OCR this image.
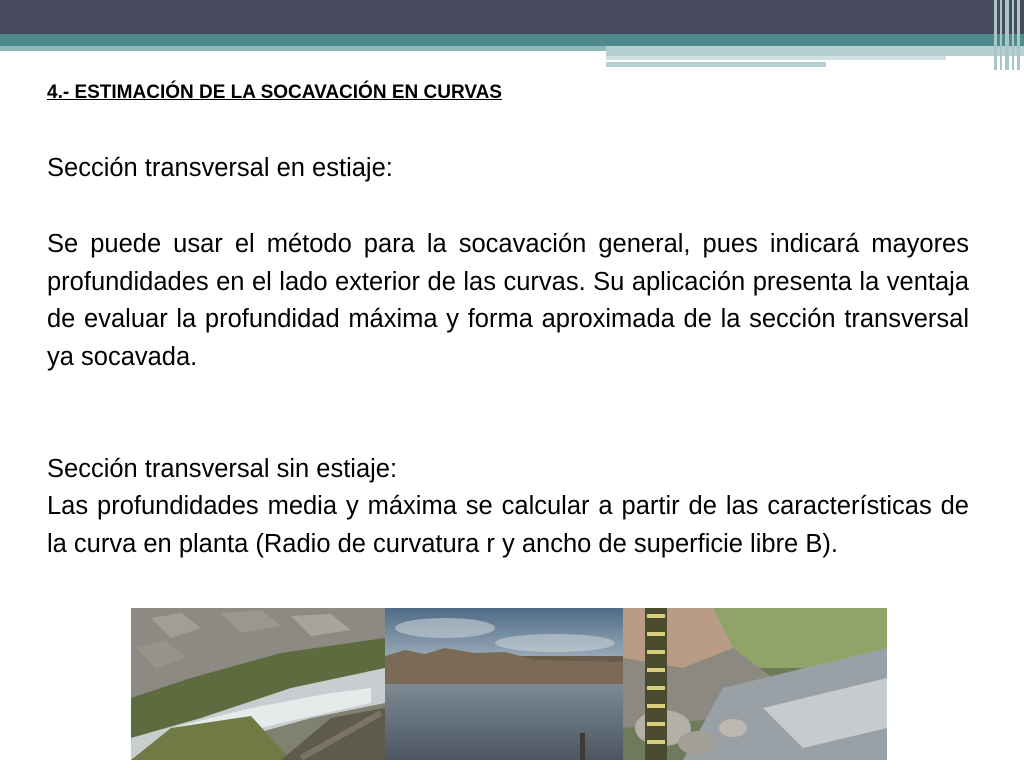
4.- ESTIMACIÓN DE LA SOCAVACIÓN EN CURVAS

Sección transversal en estiaje:

Se puede usar el método para la socavación general, pues indicará mayores profundidades en el lado exterior de las curvas. Su aplicación presenta la ventaja de evaluar la profundidad máxima y forma aproximada de la sección transversal ya socavada.

Sección transversal sin estiaje:

Las profundidades media y máxima se calcular a partir de las características de la curva en planta (Radio de curvatura r y ancho de superficie libre B).
